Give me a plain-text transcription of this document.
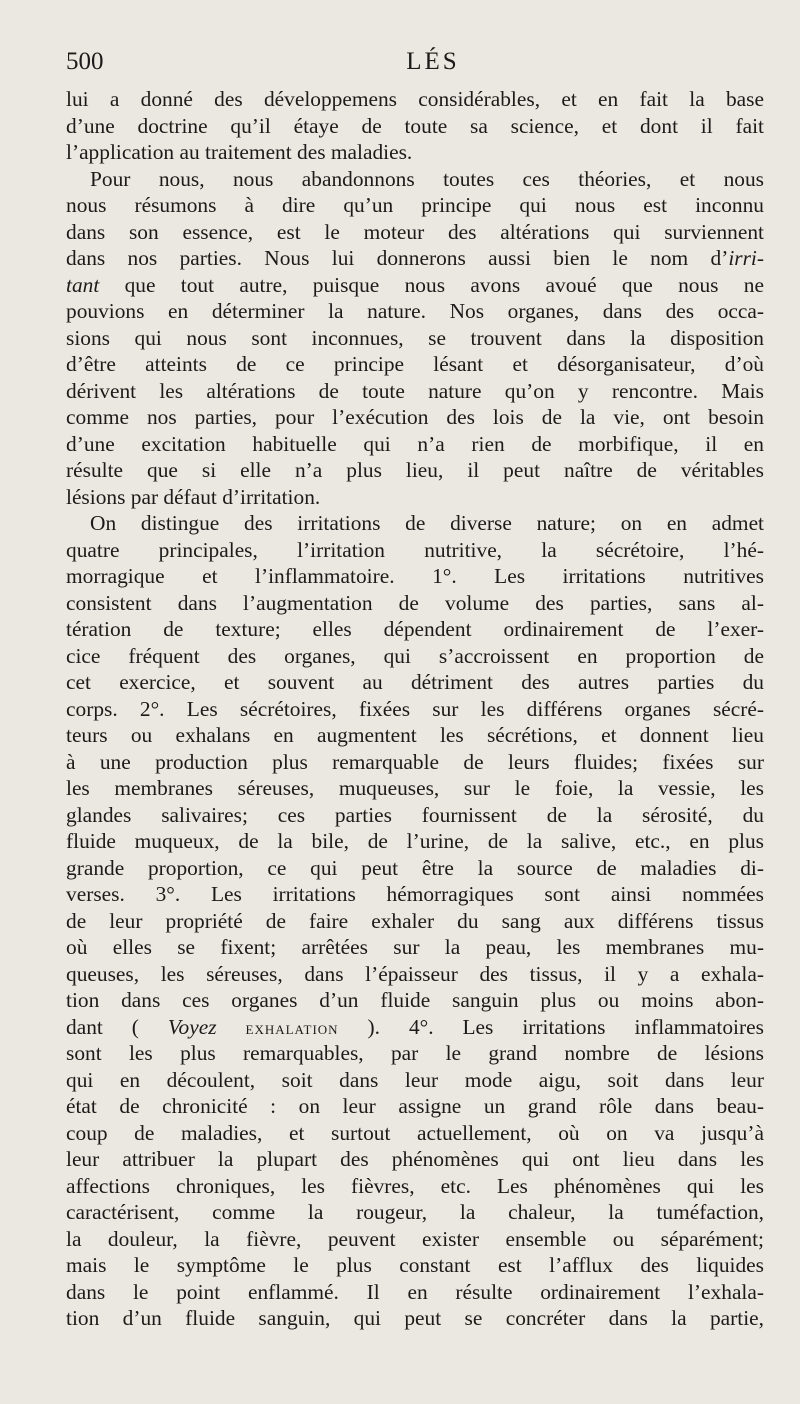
500	LÉS
lui a donné des développemens considérables, et en fait la base
d’une doctrine qu’il étaye de toute sa science, et dont il fait
l’application au traitement des maladies.
Pour nous, nous abandonnons toutes ces théories, et nous
nous résumons à dire qu’un principe qui nous est inconnu
dans son essence, est le moteur des altérations qui surviennent
dans nos parties. Nous lui donnerons aussi bien le nom d’irri-
tant que tout autre, puisque nous avons avoué que nous ne
pouvions en déterminer la nature. Nos organes, dans des occa-
sions qui nous sont inconnues, se trouvent dans la disposition
d’être atteints de ce principe lésant et désorganisateur, d’où
dérivent les altérations de toute nature qu’on y rencontre. Mais
comme nos parties, pour l’exécution des lois de la vie, ont besoin
d’une excitation habituelle qui n’a rien de morbifique, il en
résulte que si elle n’a plus lieu, il peut naître de véritables
lésions par défaut d’irritation.
On distingue des irritations de diverse nature; on en admet
quatre principales, l’irritation nutritive, la sécrétoire, l’hé-
morragique et l’inflammatoire. 1°. Les irritations nutritives
consistent dans l’augmentation de volume des parties, sans al-
tération de texture; elles dépendent ordinairement de l’exer-
cice fréquent des organes, qui s’accroissent en proportion de
cet exercice, et souvent au détriment des autres parties du
corps. 2°. Les sécrétoires, fixées sur les différens organes sécré-
teurs ou exhalans en augmentent les sécrétions, et donnent lieu
à une production plus remarquable de leurs fluides; fixées sur
les membranes séreuses, muqueuses, sur le foie, la vessie, les
glandes salivaires; ces parties fournissent de la sérosité, du
fluide muqueux, de la bile, de l’urine, de la salive, etc., en plus
grande proportion, ce qui peut être la source de maladies di-
verses. 3°. Les irritations hémorragiques sont ainsi nommées
de leur propriété de faire exhaler du sang aux différens tissus
où elles se fixent; arrêtées sur la peau, les membranes mu-
queuses, les séreuses, dans l’épaisseur des tissus, il y a exhala-
tion dans ces organes d’un fluide sanguin plus ou moins abon-
dant ( Voyez exhalation ). 4°. Les irritations inflammatoires
sont les plus remarquables, par le grand nombre de lésions
qui en découlent, soit dans leur mode aigu, soit dans leur
état de chronicité : on leur assigne un grand rôle dans beau-
coup de maladies, et surtout actuellement, où on va jusqu’à
leur attribuer la plupart des phénomènes qui ont lieu dans les
affections chroniques, les fièvres, etc. Les phénomènes qui les
caractérisent, comme la rougeur, la chaleur, la tuméfaction,
la douleur, la fièvre, peuvent exister ensemble ou séparément;
mais le symptôme le plus constant est l’afflux des liquides
dans le point enflammé. Il en résulte ordinairement l’exhala-
tion d’un fluide sanguin, qui peut se concréter dans la partie,
